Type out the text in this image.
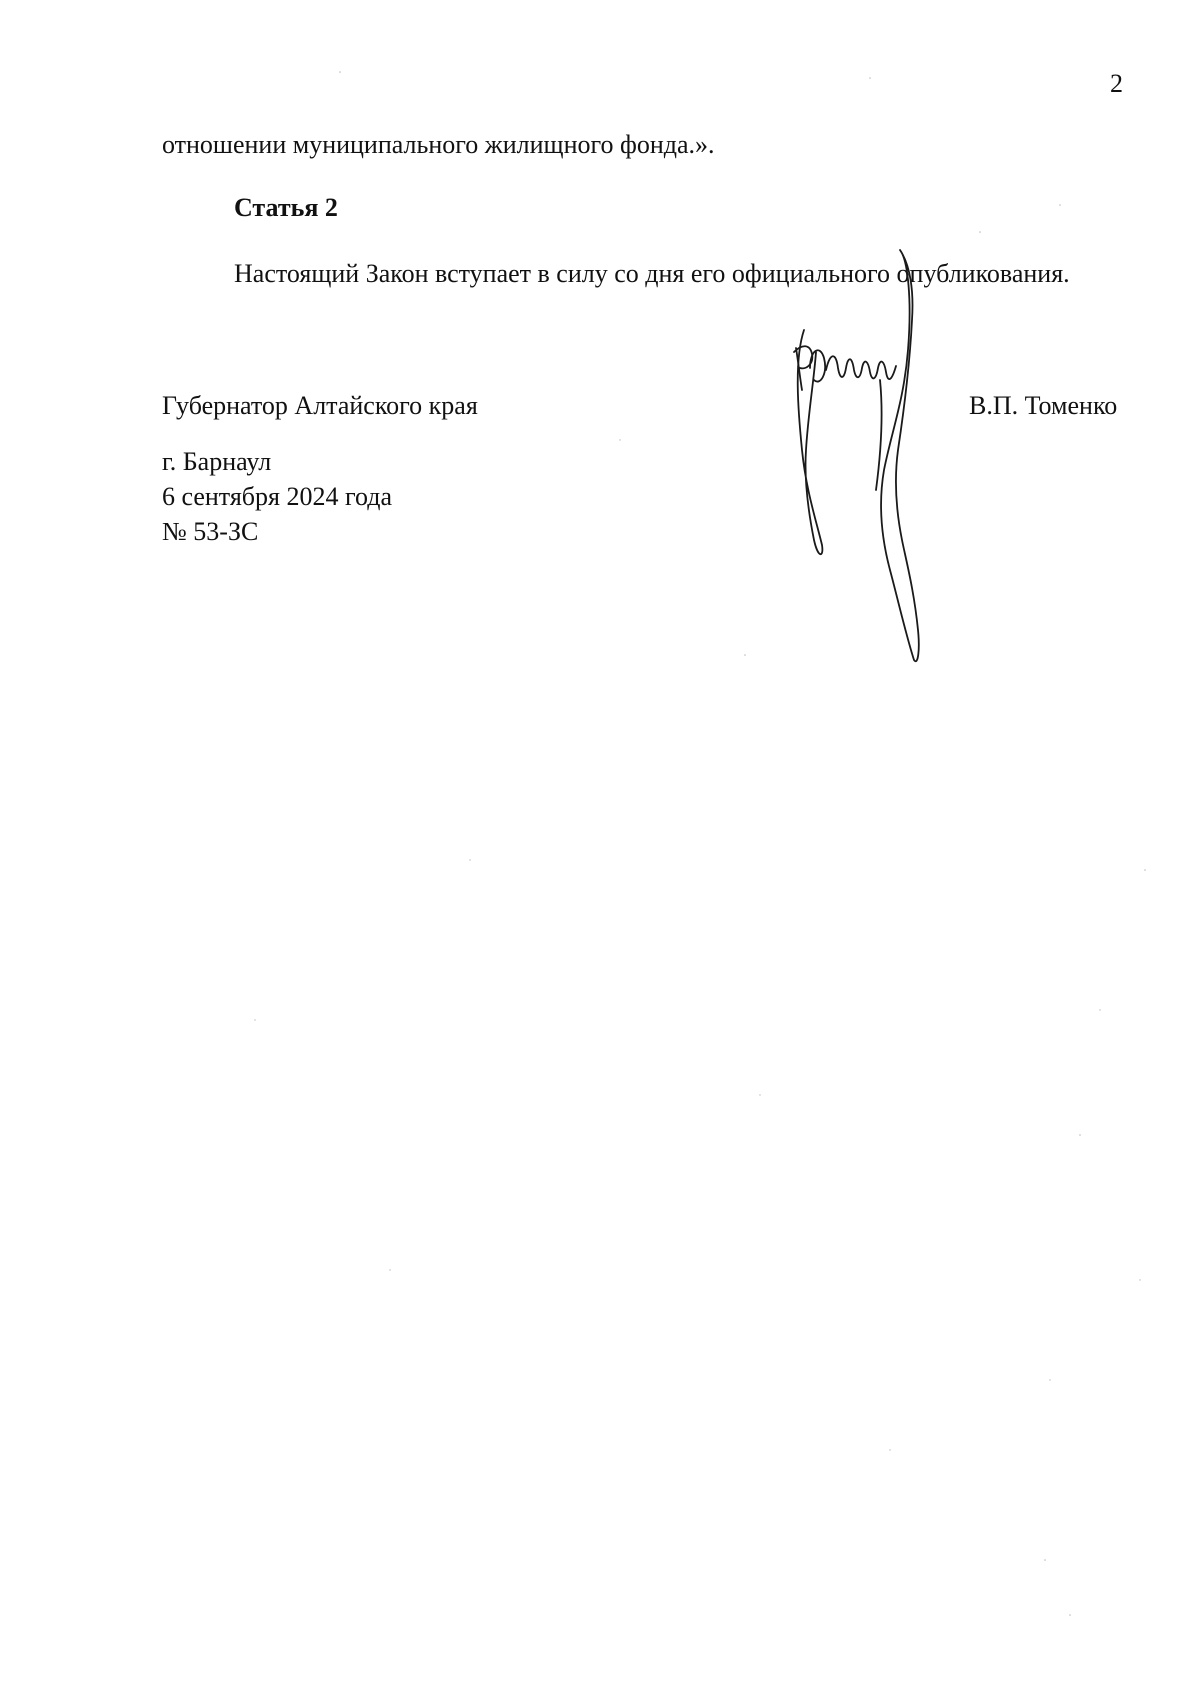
2
отношении муниципального жилищного фонда.».
Статья 2
Настоящий Закон вступает в силу со дня его официального опубликования.
Губернатор Алтайского края	В.П. Томенко
г. Барнаул
6 сентября 2024 года
№ 53-ЗС
